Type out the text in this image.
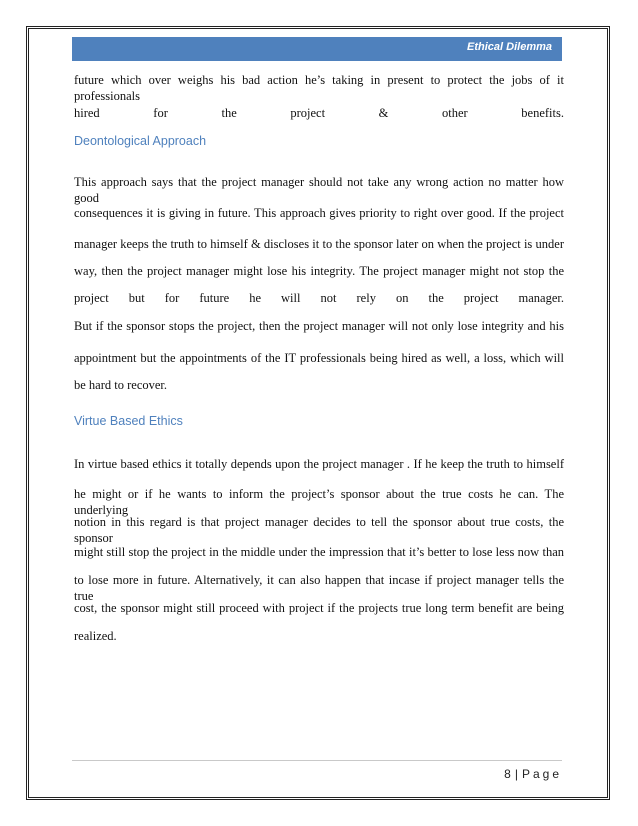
Ethical Dilemma
future which over weighs his bad action he’s taking in present to protect the jobs of it professionals
hired for the project & other benefits.
Deontological Approach
This approach says that the project manager should not take any wrong action no matter how good
consequences it is giving in future. This approach gives priority to right over good. If the project
manager keeps the truth to himself & discloses it to the sponsor later on when the project is under
way, then the project manager might lose his integrity. The project manager might not stop the
project but for future he will not rely on the project manager.
But if the sponsor stops the project, then the project manager will not only lose integrity and his
appointment but the appointments of the IT professionals being hired as well, a loss, which will
be hard to recover.
Virtue Based Ethics
In virtue based ethics it totally depends upon the project manager . If he keep the truth to himself
he might or if he wants to inform the project’s sponsor about the true costs he can. The underlying
notion in this regard is that project manager decides to tell the sponsor about true costs, the sponsor
might still stop the project in the middle under the impression that it’s better to lose less now than
to lose more in future. Alternatively, it can also happen that incase if project manager tells the true
cost, the sponsor might still proceed with project if the projects true long term benefit are being
realized.
8 | Page
